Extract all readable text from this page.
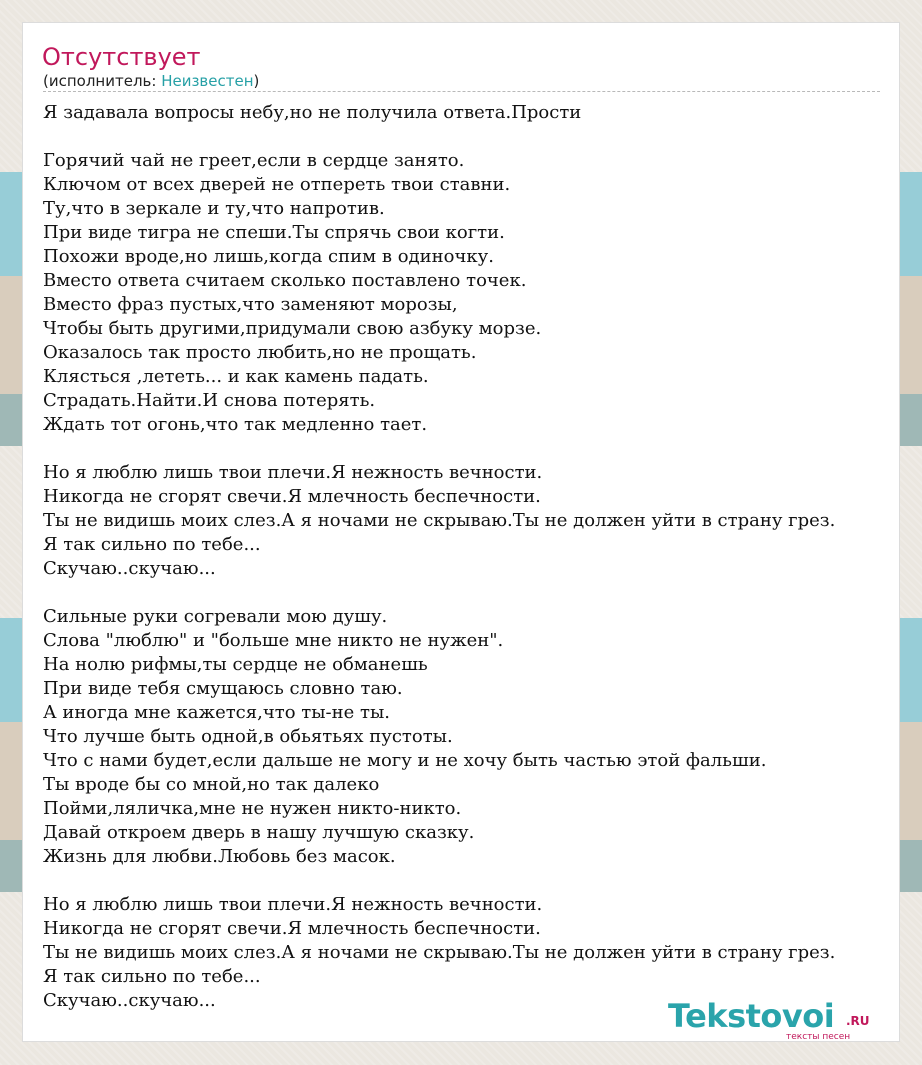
Отсутствует
(исполнитель: Неизвестен)
Я задавала вопросы небу,но не получила ответа.Прости
Горячий чай не греет,если в сердце занято.
Ключом от всех дверей не отпереть твои ставни.
Ту,что в зеркале и ту,что напротив.
При виде тигра не спеши.Ты спрячь свои когти.
Похожи вроде,но лишь,когда спим в одиночку.
Вместо ответа считаем сколько поставлено точек.
Вместо фраз пустых,что заменяют морозы,
Чтобы быть другими,придумали свою азбуку морзе.
Оказалось так просто любить,но не прощать.
Клясться ,лететь... и как камень падать.
Страдать.Найти.И снова потерять.
Ждать тот огонь,что так медленно тает.
Но я люблю лишь твои плечи.Я нежность вечности.
Никогда не сгорят свечи.Я млечность беспечности.
Ты не видишь моих слез.А я ночами не скрываю.Ты не должен уйти в страну грез.
Я так сильно по тебе...
Скучаю..скучаю...
Сильные руки согревали мою душу.
Слова "люблю" и "больше мне никто не нужен".
На нолю рифмы,ты сердце не обманешь
При виде тебя смущаюсь словно таю.
А иногда мне кажется,что ты-не ты.
Что лучше быть одной,в обьятьях пустоты.
Что с нами будет,если дальше не могу и не хочу быть частью этой фальши.
Ты вроде бы со мной,но так далеко
Пойми,ляличка,мне не нужен никто-никто.
Давай откроем дверь в нашу лучшую сказку.
Жизнь для любви.Любовь без масок.
Но я люблю лишь твои плечи.Я нежность вечности.
Никогда не сгорят свечи.Я млечность беспечности.
Ты не видишь моих слез.А я ночами не скрываю.Ты не должен уйти в страну грез.
Я так сильно по тебе...
Скучаю..скучаю...	Tekstovoi .RU
тексты песен
